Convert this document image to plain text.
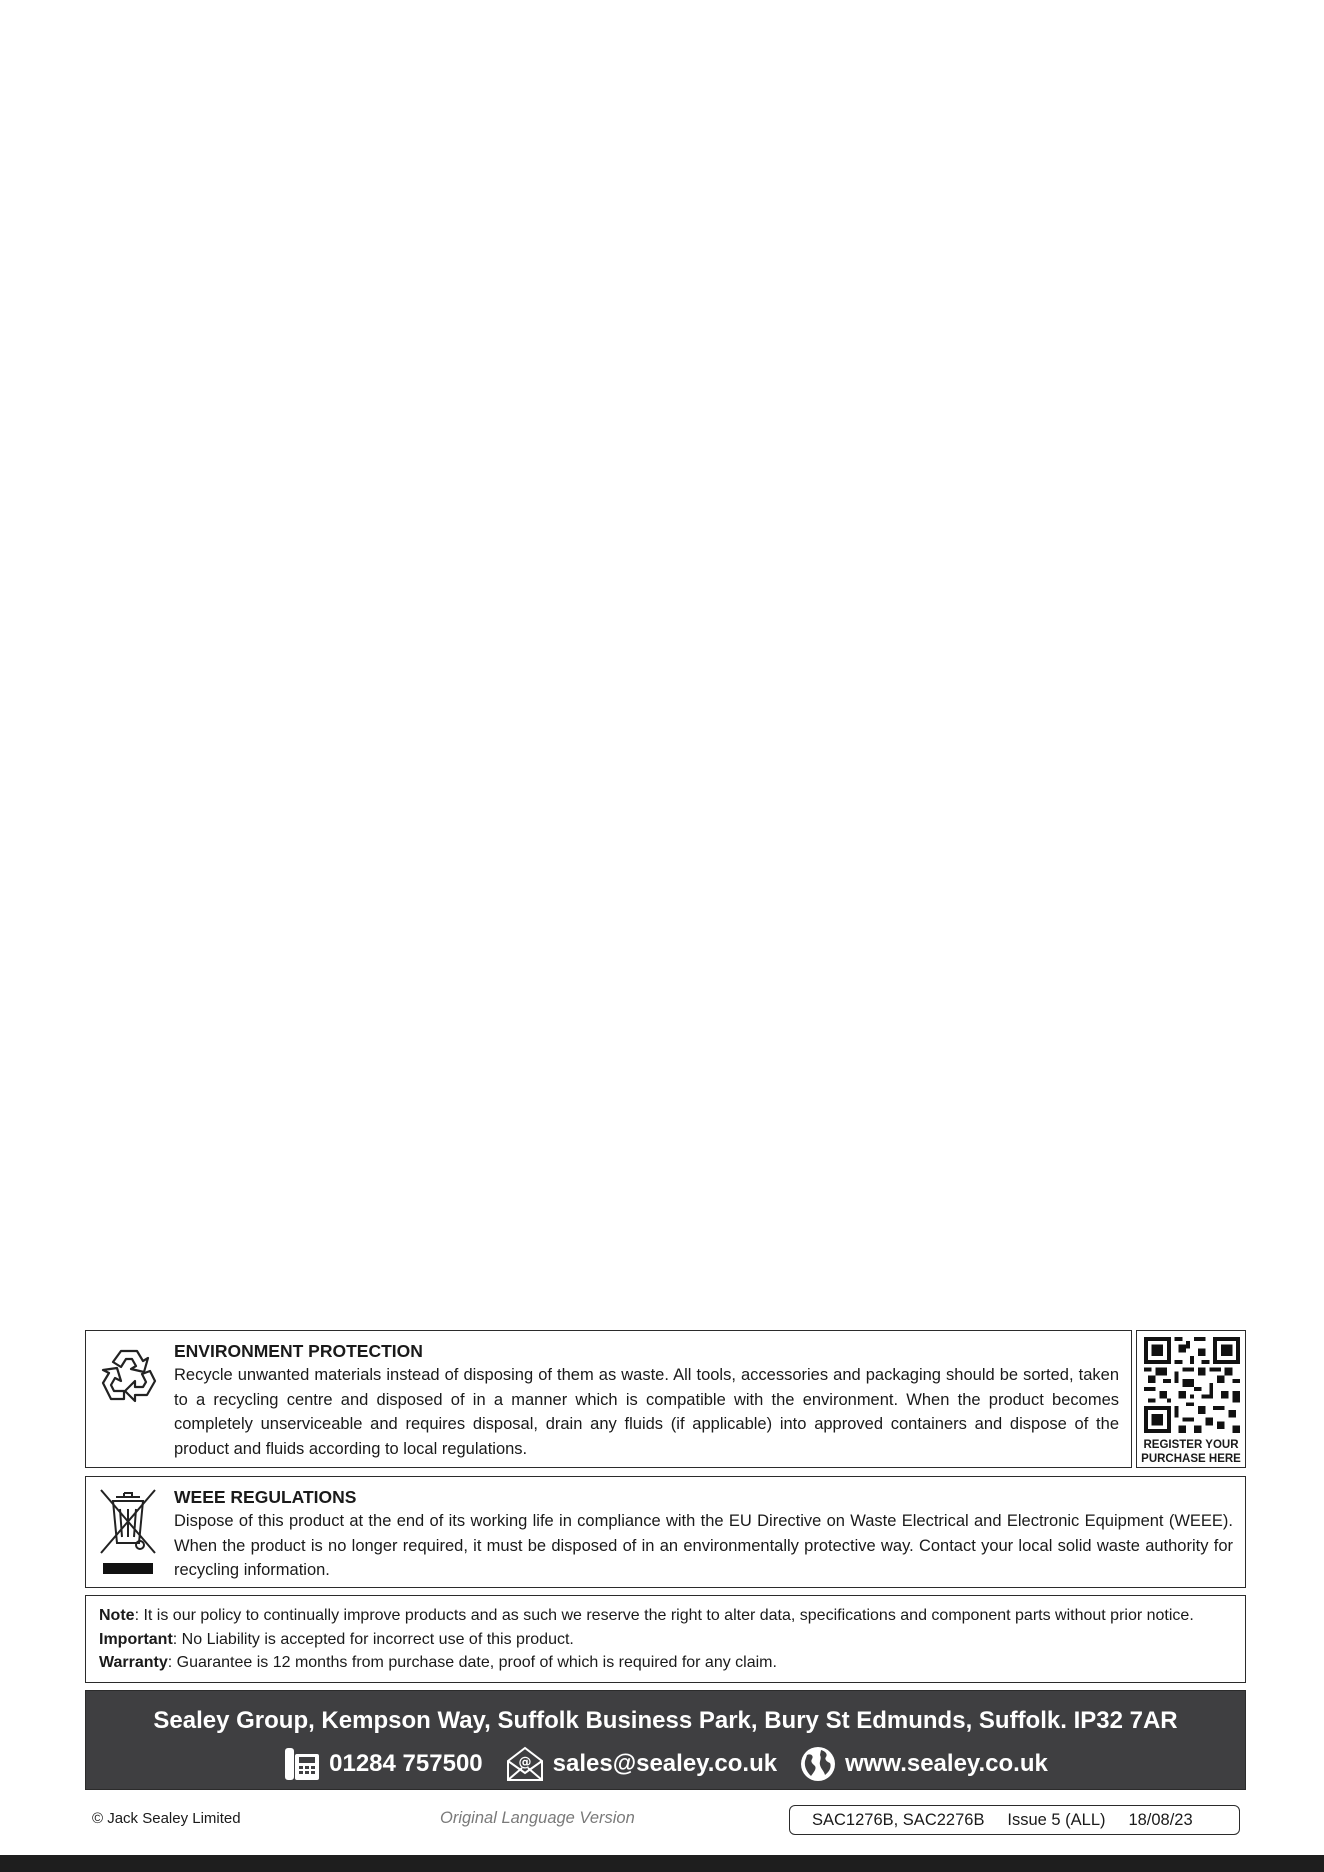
ENVIRONMENT PROTECTION
Recycle unwanted materials instead of disposing of them as waste. All tools, accessories and packaging should be sorted, taken to a recycling centre and disposed of in a manner which is compatible with the environment. When the product becomes completely unserviceable and requires disposal, drain any fluids (if applicable) into approved containers and dispose of the product and fluids according to local regulations.	REGISTER YOUR
PURCHASE HERE
WEEE REGULATIONS
Dispose of this product at the end of its working life in compliance with the EU Directive on Waste Electrical and Electronic Equipment (WEEE). When the product is no longer required, it must be disposed of in an environmentally protective way. Contact your local solid waste authority for recycling information.
Note: It is our policy to continually improve products and as such we reserve the right to alter data, specifications and component parts without prior notice.
Important: No Liability is accepted for incorrect use of this product.
Warranty: Guarantee is 12 months from purchase date, proof of which is required for any claim.
Sealey Group, Kempson Way, Suffolk Business Park, Bury St Edmunds, Suffolk. IP32 7AR
01284 757500	@ sales@sealey.co.uk	www.sealey.co.uk
© Jack Sealey Limited	Original Language Version	SAC1276B, SAC2276B
Issue 5 (ALL)
18/08/23
